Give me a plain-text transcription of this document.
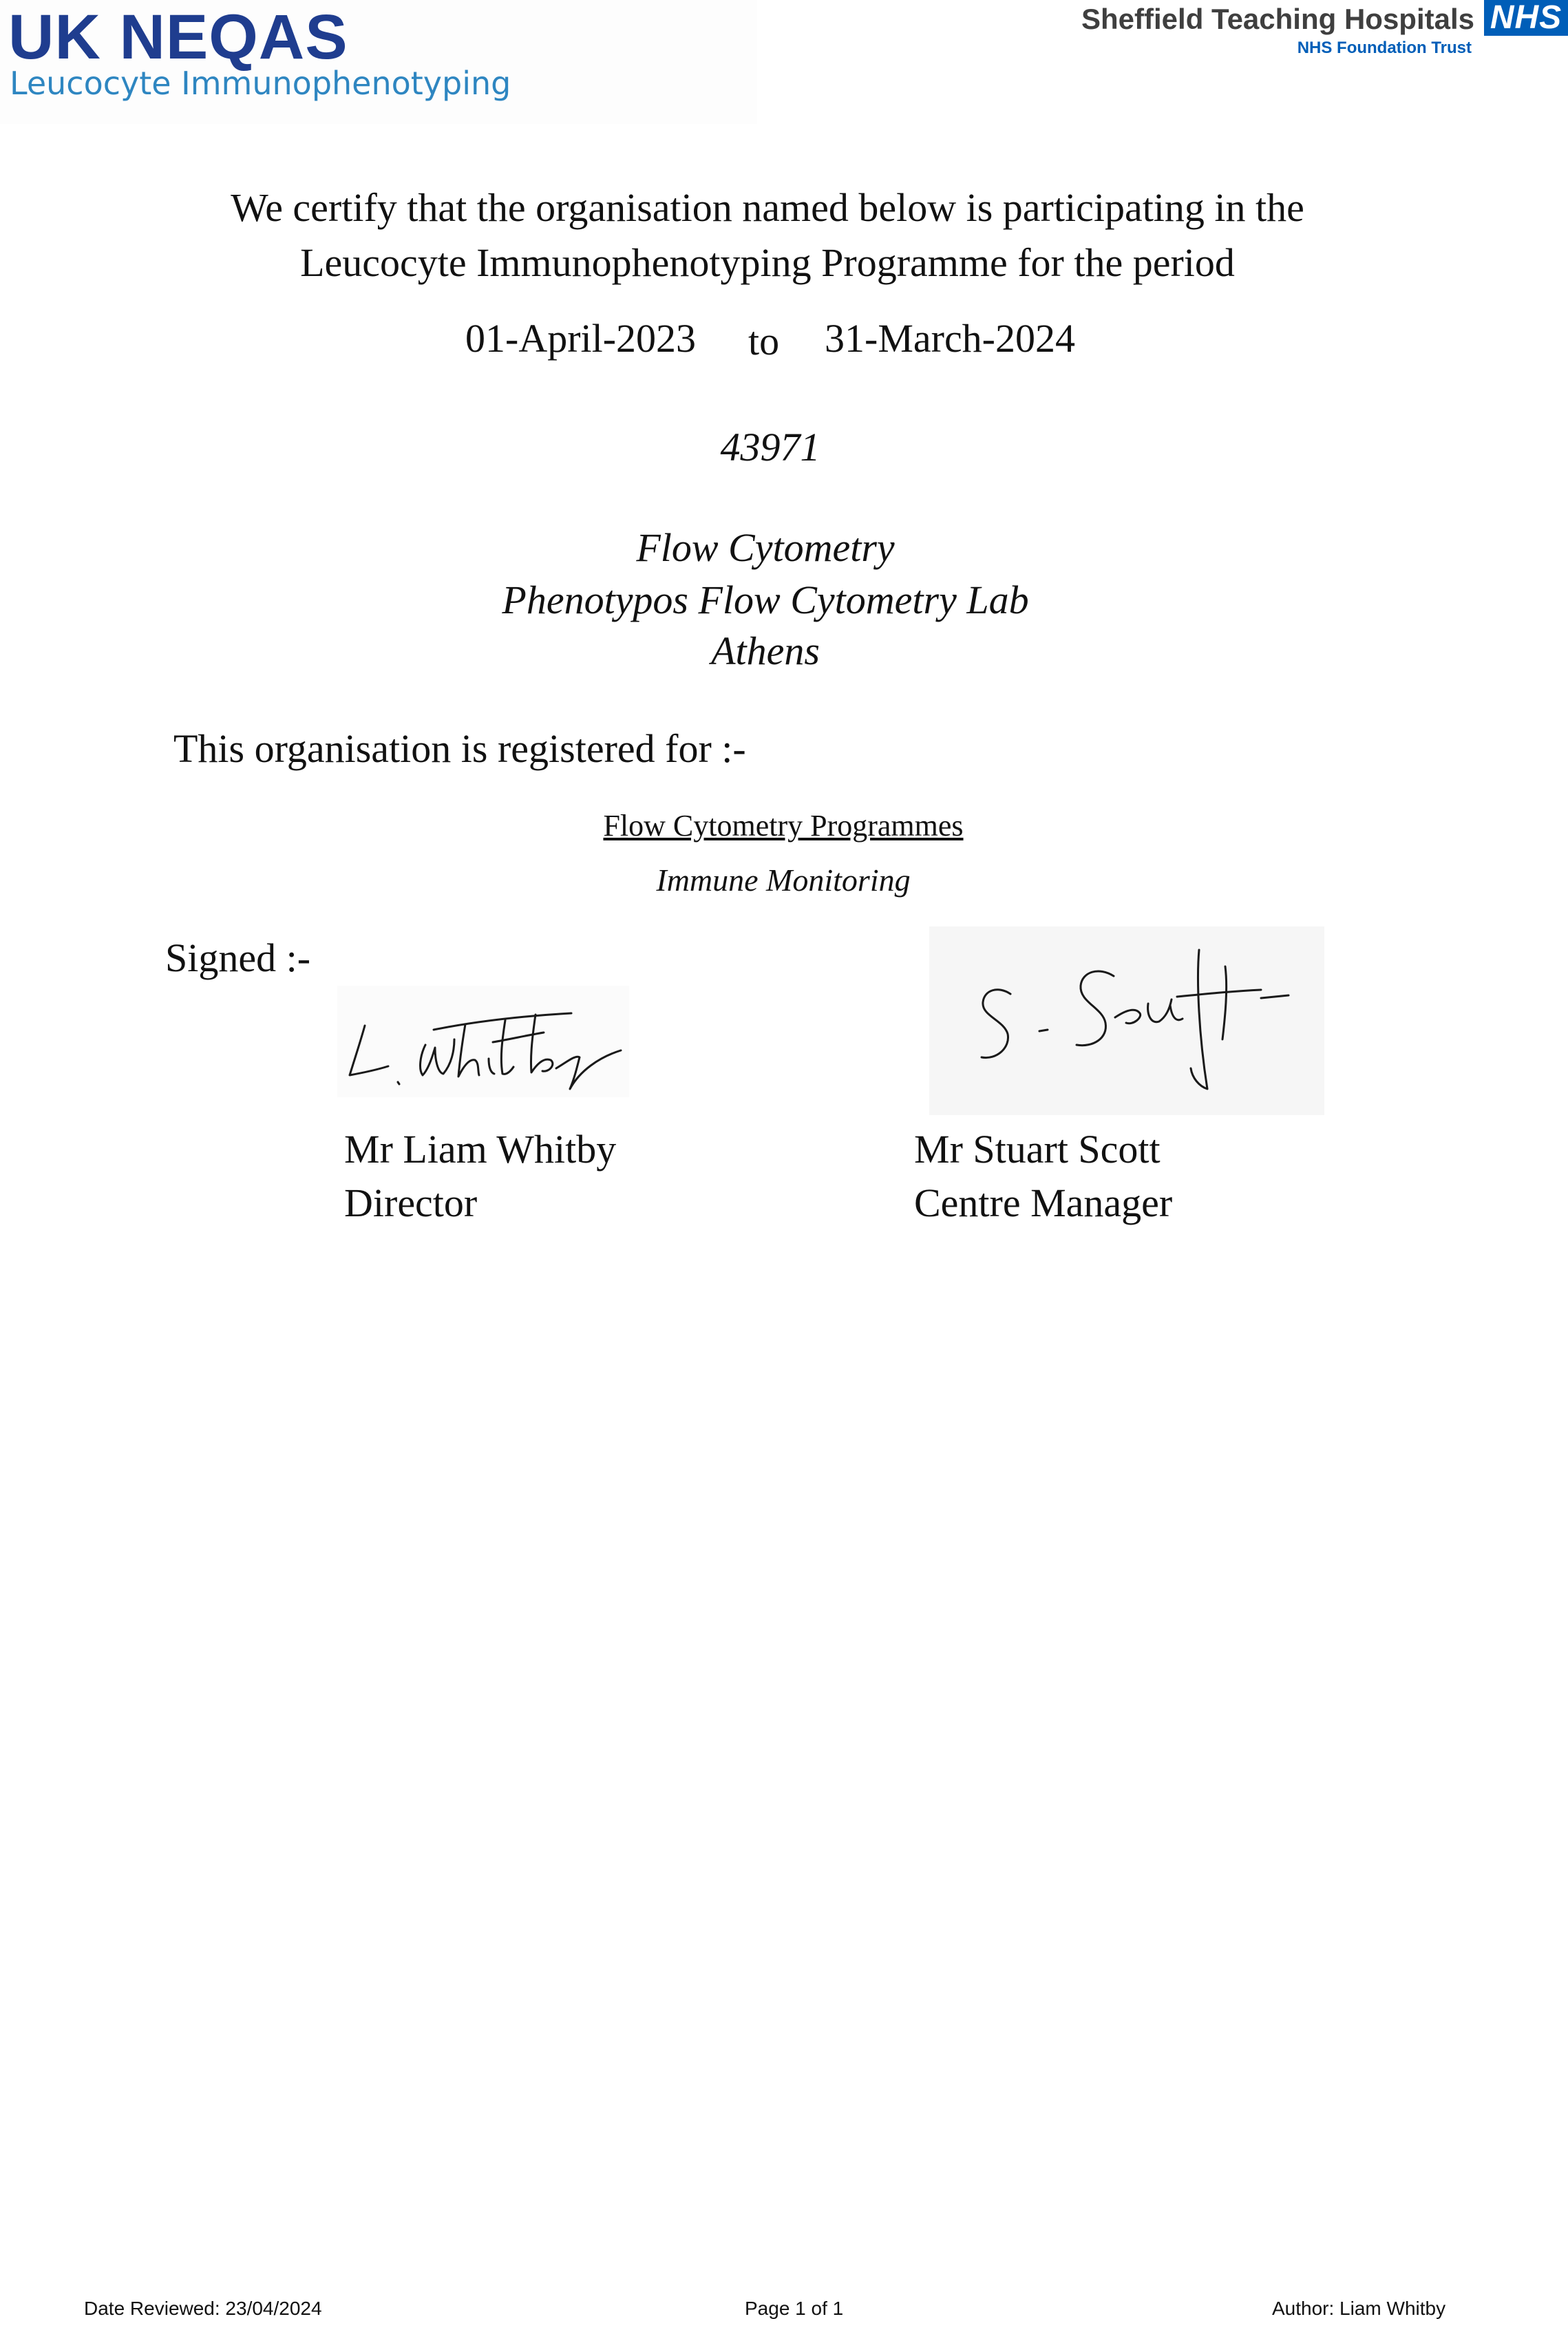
UK NEQAS
Leucocyte Immunophenotyping
Sheffield Teaching Hospitals
NHS Foundation Trust
NHS
We certify that the organisation named below is participating in the
Leucocyte Immunophenotyping Programme for the period
01-April-2023 to 31-March-2024
43971
Flow Cytometry
Phenotypos Flow Cytometry Lab
Athens
This organisation is registered for :-
Flow Cytometry Programmes
Immune Monitoring
Signed :-
Mr Liam Whitby
Director
Mr Stuart Scott
Centre Manager
Date Reviewed: 23/04/2024	Page 1 of 1	Author: Liam Whitby
